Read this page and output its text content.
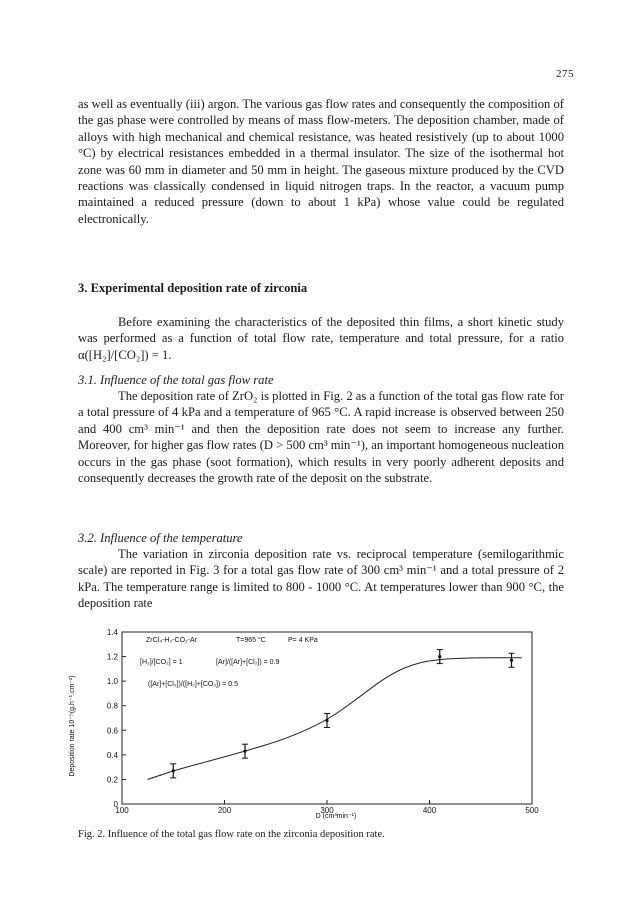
275

as well as eventually (iii) argon. The various gas flow rates and consequently the composition of the gas phase were controlled by means of mass flow-meters. The deposition chamber, made of alloys with high mechanical and chemical resistance, was heated resistively (up to about 1000 °C) by electrical resistances embedded in a thermal insulator. The size of the isothermal hot zone was 60 mm in diameter and 50 mm in height. The gaseous mixture produced by the CVD reactions was classically condensed in liquid nitrogen traps. In the reactor, a vacuum pump maintained a reduced pressure (down to about 1 kPa) whose value could be regulated electronically.

3. Experimental deposition rate of zirconia

Before examining the characteristics of the deposited thin films, a short kinetic study was performed as a function of total flow rate, temperature and total pressure, for a ratio α([H₂]/[CO₂]) = 1.

3.1. Influence of the total gas flow rate

The deposition rate of ZrO₂ is plotted in Fig. 2 as a function of the total gas flow rate for a total pressure of 4 kPa and a temperature of 965 °C. A rapid increase is observed between 250 and 400 cm³ min⁻¹ and then the deposition rate does not seem to increase any further. Moreover, for higher gas flow rates (D > 500 cm³ min⁻¹), an important homogeneous nucleation occurs in the gas phase (soot formation), which results in very poorly adherent deposits and consequently decreases the growth rate of the deposit on the substrate.

3.2. Influence of the temperature

The variation in zirconia deposition rate vs. reciprocal temperature (semilogarithmic scale) are reported in Fig. 3 for a total gas flow rate of 300 cm³ min⁻¹ and a total pressure of 2 kPa. The temperature range is limited to 800 - 1000 °C. At temperatures lower than 900 °C, the deposition rate

100	200	300	400	500
0
0.2
0.4
0.6
0.8
1.0
1.2
1.4
ZrCl₄-H₂-CO₂-Ar	T=965 °C	P= 4 KPa
[H₂]/[CO₂] = 1	[Ar]/([Ar]+[Cl₂]) = 0.9
([Ar]+[Cl₂])/([H₂]+[CO₂]) = 0.5
D (cm³min⁻¹)
Deposition rate 10⁻⁵(g.h⁻¹.cm⁻²)

Fig. 2. Influence of the total gas flow rate on the zirconia deposition rate.
